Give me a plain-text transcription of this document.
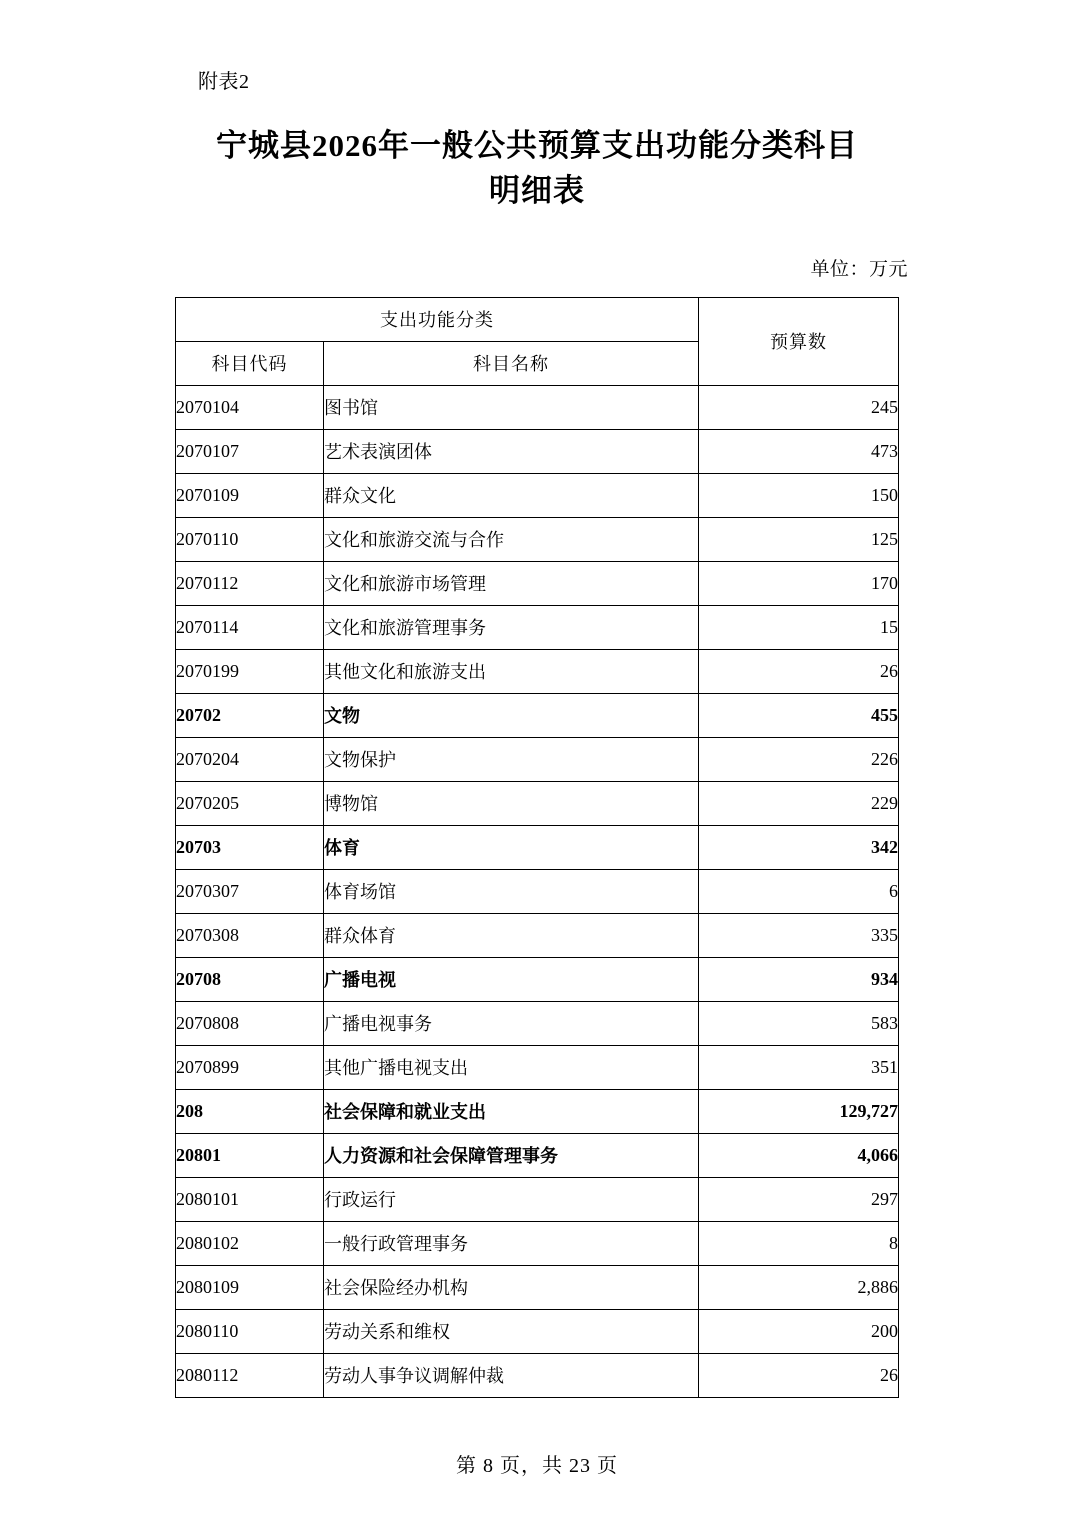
附表2
宁城县2026年一般公共预算支出功能分类科目
明细表
单位：万元
支出功能分类		预算数
科目代码	科目名称	
2070104	图书馆	245
2070107	艺术表演团体	473
2070109	群众文化	150
2070110	文化和旅游交流与合作	125
2070112	文化和旅游市场管理	170
2070114	文化和旅游管理事务	15
2070199	其他文化和旅游支出	26
20702	文物	455
2070204	文物保护	226
2070205	博物馆	229
20703	体育	342
2070307	体育场馆	6
2070308	群众体育	335
20708	广播电视	934
2070808	广播电视事务	583
2070899	其他广播电视支出	351
208	社会保障和就业支出	129,727
20801	人力资源和社会保障管理事务	4,066
2080101	行政运行	297
2080102	一般行政管理事务	8
2080109	社会保险经办机构	2,886
2080110	劳动关系和维权	200
2080112	劳动人事争议调解仲裁	26
第 8 页，共 23 页
